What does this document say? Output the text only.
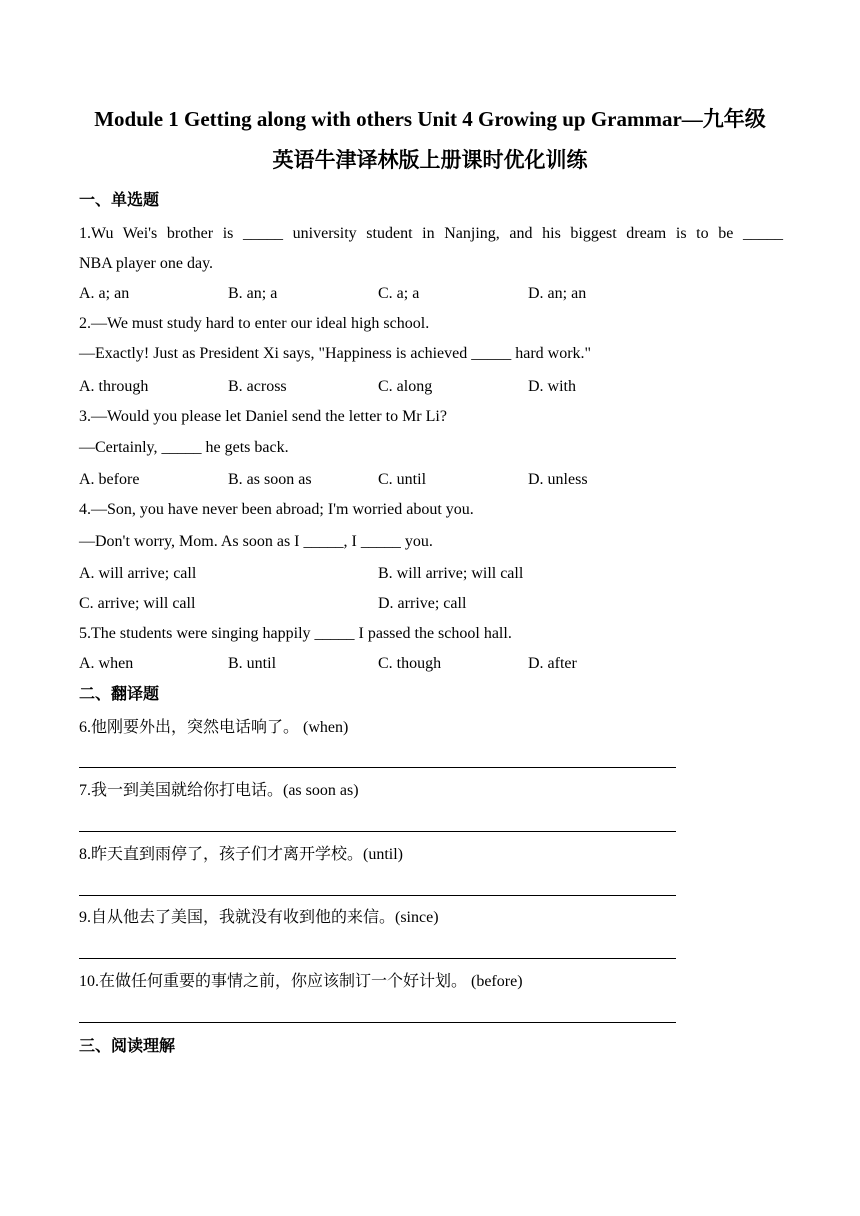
Module 1 Getting along with others Unit 4 Growing up Grammar—九年级
英语牛津译林版上册课时优化训练
一、单选题
1.Wu Wei's brother is _____ university student in Nanjing, and his biggest dream is to be _____
NBA player one day.
A. a; an	B. an; a	C. a; a	D. an; an
2.—We must study hard to enter our ideal high school.
—Exactly! Just as President Xi says, "Happiness is achieved _____ hard work."
A. through	B. across	C. along	D. with
3.—Would you please let Daniel send the letter to Mr Li?
—Certainly, _____ he gets back.
A. before	B. as soon as	C. until	D. unless
4.—Son, you have never been abroad; I'm worried about you.
—Don't worry, Mom. As soon as I _____, I _____ you.
A. will arrive; call	B. will arrive; will call
C. arrive; will call	D. arrive; call
5.The students were singing happily _____ I passed the school hall.
A. when	B. until	C. though	D. after
二、翻译题
6.他刚要外出，突然电话响了。 (when)
7.我一到美国就给你打电话。(as soon as)
8.昨天直到雨停了，孩子们才离开学校。(until)
9.自从他去了美国，我就没有收到他的来信。(since)
10.在做任何重要的事情之前，你应该制订一个好计划。 (before)
三、阅读理解
